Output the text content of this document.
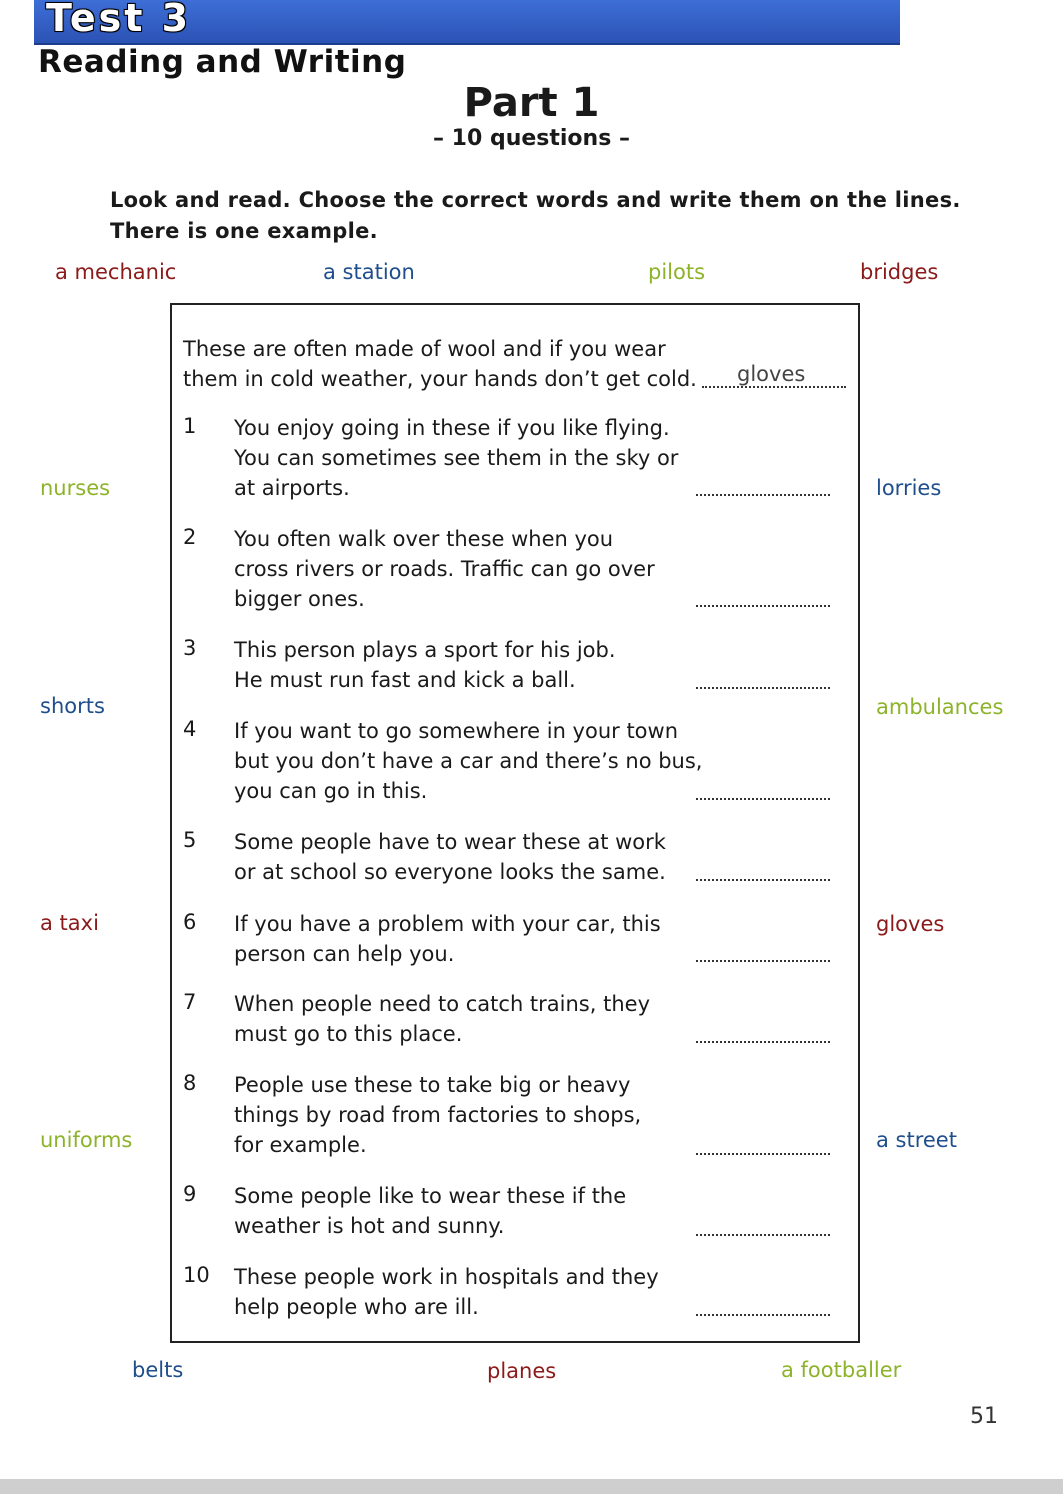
Test 3
Reading and Writing
Part 1
– 10 questions –
Look and read. Choose the correct words and write them on the lines.
There is one example.
a mechanic	a station	pilots	bridges
nurses	lorries
shorts	ambulances
a taxi	gloves
uniforms	a street
belts	planes	a footballer
These are often made of wool and if you wear
them in cold weather, your hands don’t get cold. gloves
1 You enjoy going in these if you like flying.
You can sometimes see them in the sky or
at airports.
2 You often walk over these when you
cross rivers or roads. Traffic can go over
bigger ones.
3 This person plays a sport for his job.
He must run fast and kick a ball.
4 If you want to go somewhere in your town
but you don’t have a car and there’s no bus,
you can go in this.
5 Some people have to wear these at work
or at school so everyone looks the same.
6 If you have a problem with your car, this
person can help you.
7 When people need to catch trains, they
must go to this place.
8 People use these to take big or heavy
things by road from factories to shops,
for example.
9 Some people like to wear these if the
weather is hot and sunny.
10 These people work in hospitals and they
help people who are ill.
51
